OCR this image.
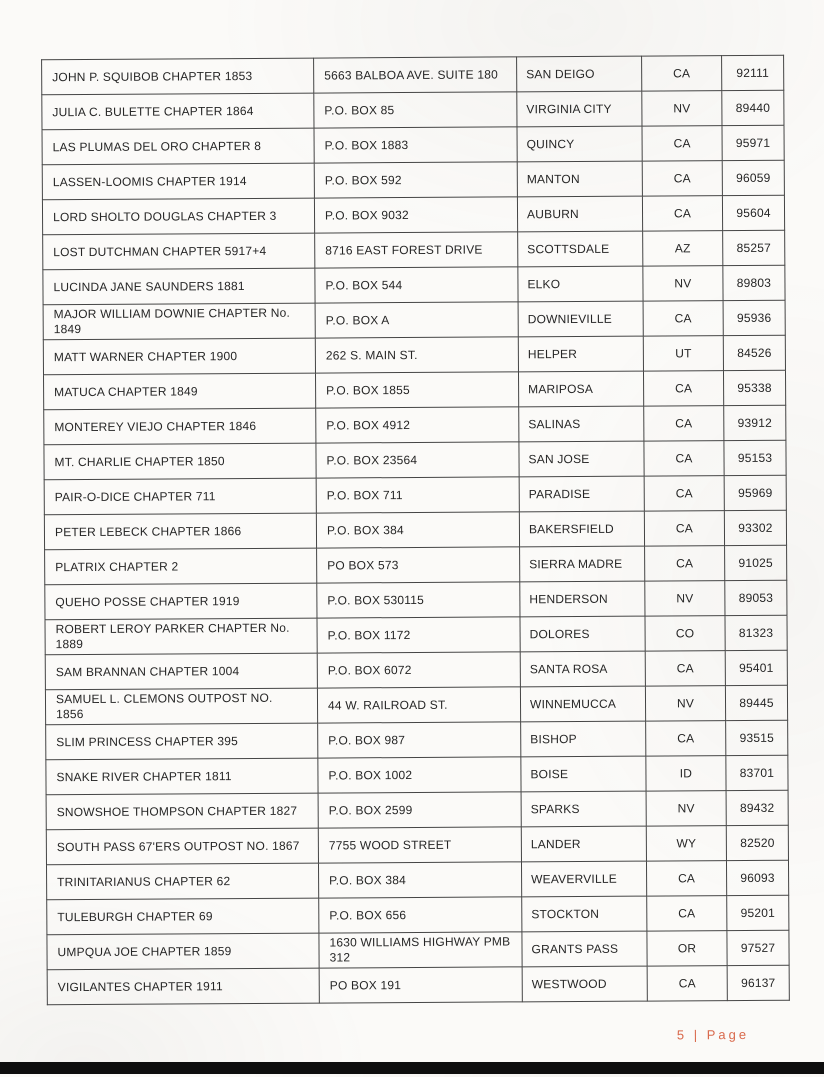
JOHN P. SQUIBOB CHAPTER 1853	5663 BALBOA AVE. SUITE 180	SAN DEIGO	CA	92111
JULIA C. BULETTE CHAPTER 1864	P.O. BOX 85	VIRGINIA CITY	NV	89440
LAS PLUMAS DEL ORO CHAPTER 8	P.O. BOX 1883	QUINCY	CA	95971
LASSEN-LOOMIS CHAPTER 1914	P.O. BOX 592	MANTON	CA	96059
LORD SHOLTO DOUGLAS CHAPTER 3	P.O. BOX 9032	AUBURN	CA	95604
LOST DUTCHMAN CHAPTER 5917+4	8716 EAST FOREST DRIVE	SCOTTSDALE	AZ	85257
LUCINDA JANE SAUNDERS 1881	P.O. BOX 544	ELKO	NV	89803
MAJOR WILLIAM DOWNIE CHAPTER No. 1849	P.O. BOX A	DOWNIEVILLE	CA	95936
MATT WARNER CHAPTER 1900	262 S. MAIN ST.	HELPER	UT	84526
MATUCA CHAPTER 1849	P.O. BOX 1855	MARIPOSA	CA	95338
MONTEREY VIEJO CHAPTER 1846	P.O. BOX 4912	SALINAS	CA	93912
MT. CHARLIE CHAPTER 1850	P.O. BOX 23564	SAN JOSE	CA	95153
PAIR-O-DICE CHAPTER 711	P.O. BOX 711	PARADISE	CA	95969
PETER LEBECK CHAPTER 1866	P.O. BOX 384	BAKERSFIELD	CA	93302
PLATRIX CHAPTER 2	PO BOX 573	SIERRA MADRE	CA	91025
QUEHO POSSE CHAPTER 1919	P.O. BOX 530115	HENDERSON	NV	89053
ROBERT LEROY PARKER CHAPTER No. 1889	P.O. BOX 1172	DOLORES	CO	81323
SAM BRANNAN CHAPTER 1004	P.O. BOX 6072	SANTA ROSA	CA	95401
SAMUEL L. CLEMONS OUTPOST NO. 1856	44 W. RAILROAD ST.	WINNEMUCCA	NV	89445
SLIM PRINCESS CHAPTER 395	P.O. BOX 987	BISHOP	CA	93515
SNAKE RIVER CHAPTER 1811	P.O. BOX 1002	BOISE	ID	83701
SNOWSHOE THOMPSON CHAPTER 1827	P.O. BOX 2599	SPARKS	NV	89432
SOUTH PASS 67'ERS OUTPOST NO. 1867	7755 WOOD STREET	LANDER	WY	82520
TRINITARIANUS CHAPTER 62	P.O. BOX 384	WEAVERVILLE	CA	96093
TULEBURGH CHAPTER 69	P.O. BOX 656	STOCKTON	CA	95201
UMPQUA JOE CHAPTER 1859	1630 WILLIAMS HIGHWAY PMB 312	GRANTS PASS	OR	97527
VIGILANTES CHAPTER 1911	PO BOX 191	WESTWOOD	CA	96137
5 | Page
